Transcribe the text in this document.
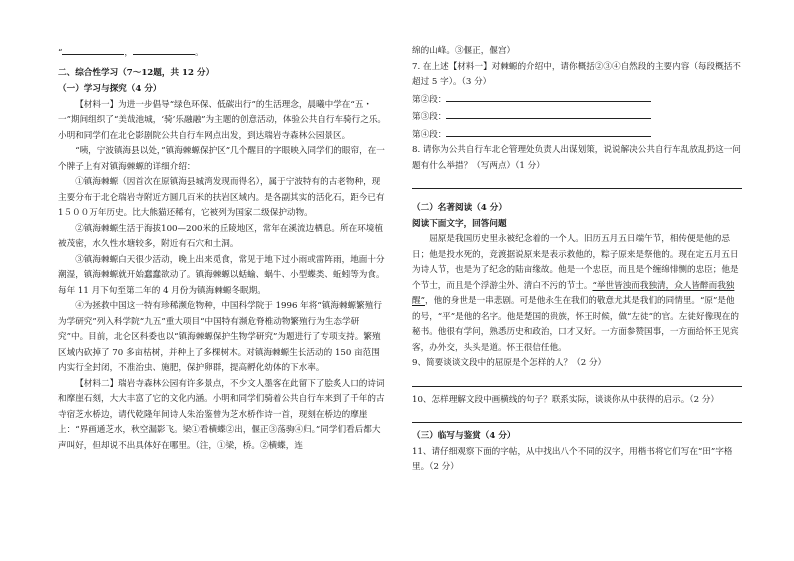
“	，	。

二、综合性学习（7～12题，共 12 分）

（一）学习与探究（4 分）

【材料一】为进一步倡导“绿色环保、低碳出行”的生活理念，晨曦中学在“五・一”期间组织了“美哉池城，‘骑’乐融融”为主题的创意活动，体验公共自行车骑行之乐。小明和同学们在北仑影剧院公共自行车网点出发，到达瑞岩寺森林公园景区。

“咦，宁波镇海县以处，”镇海棘螈保护区”几个醒目的字眼映入同学们的眼帘，在一个牌子上有对镇海棘螈的详细介绍：

①镇海棘螈（因首次在原镇海县城湾发现而得名），属于宁波特有的古老物种，现主要分布于北仑瑞岩寺附近方圆几百米的扶岩区域内。是各副其实的活化石，距今已有1５００万年历史。比大熊猫还稀有，它被列为国家二级保护动物。

②镇海棘螈生活于海拔100—200米的丘陵地区，常年在溪流边栖息。所在环境植被茂密，水久性水塘较多，附近有石穴和土洞。

③镇海棘螈白天很少活动，晚上出来觅食，常见于地下过小雨或雷阵雨，地面十分潮湿，镇海棘螈就开始蠢蠢欲动了。镇海棘螈以蛞蝓、蜗牛、小型蝶类、蚯蚓等为食。每年 11 月下旬至第二年的 4 月份为镇海棘螈冬眠期。

④为拯救中国这一特有珍稀濒危物种，中国科学院于 1996 年将“镇海棘螈繁殖行为学研究”列入科学院“九五”重大项目“中国特有濒危脊椎动物繁殖行为生态学研究”中。目前，北仑区科委也以“镇海棘螈保护生物学研究”为题进行了专项支持。繁殖区域内砍掉了 70 多亩枯树，并种上了多棵树木。对镇海棘螈生长活动的 150 亩范围内实行全封闭，不准治虫、施肥，保护卵群，提高孵化幼体的下水率。

【材料二】瑞岩寺森林公园有许多景点，不少文人墨客在此留下了脍炙人口的诗词和摩崖石刻，大大丰富了它的文化内涵。小明和同学们骑着公共自行车来到了千年的古寺宿芝水桥边，请代乾隆年间诗人朱治鉴曾为芝水桥作诗一首，现刻在桥边的摩崖上：“界画通芝水，秋空漏影飞。梁①看横蝶②出，偃正③荡驹④归。”同学们看后都大声叫好，但却说不出具体好在哪里。（注，①梁，桥。②横蝶，连

绵的山峰。③偃正，偃宫）

7. 在上述【材料一】对棘螈的介绍中，请你概括②③④自然段的主要内容（每段概括不超过 5 字）。（3 分）

第②段：

第③段：

第④段：

8. 请你为公共自行车北仑管理处负责人出谋划策，说说解决公共自行车乱放乱扔这一问题有什么举措？（写两点）（1 分）

（二）名著阅读（4 分）

阅读下面文字，回答问题

屈原是我国历史里永被纪念着的一个人。旧历五月五日端午节，相传便是他的忌日；他是投水死的，竞渡据说原来是表示救他的，粽子原来是祭他的。现在定五月五日为诗人节，也是为了纪念的陆亩缘故。他是一个忠臣，而且是个缠绵悱恻的忠臣；他是个节士，而且是个浮游尘外、清白不污的节士。“举世皆浊而我独清，众人皆醉而我独醒”，他的身世是一串悲剧。可是他永生在我们的敬意尤其是我们的同情里。“原”是他的号，“平”是他的名字。他是楚国的贵族，怀王时候，做“左徒”的官。左徒好像现在的秘书。他很有学问，熟悉历史和政治，口才又好。一方面参赞国事，一方面给怀王见宾客，办外交，头头是道。怀王很信任他。

9、简要谈谈文段中的屈原是个怎样的人？（2 分）

10、怎样理解文段中画横线的句子？联系实际，谈谈你从中获得的启示。（2 分）

（三）临写与鉴赏（4 分）

11、请仔细观察下面的字帖，从中找出八个不同的汉字，用楷书将它们写在“田”字格里。（2 分）
